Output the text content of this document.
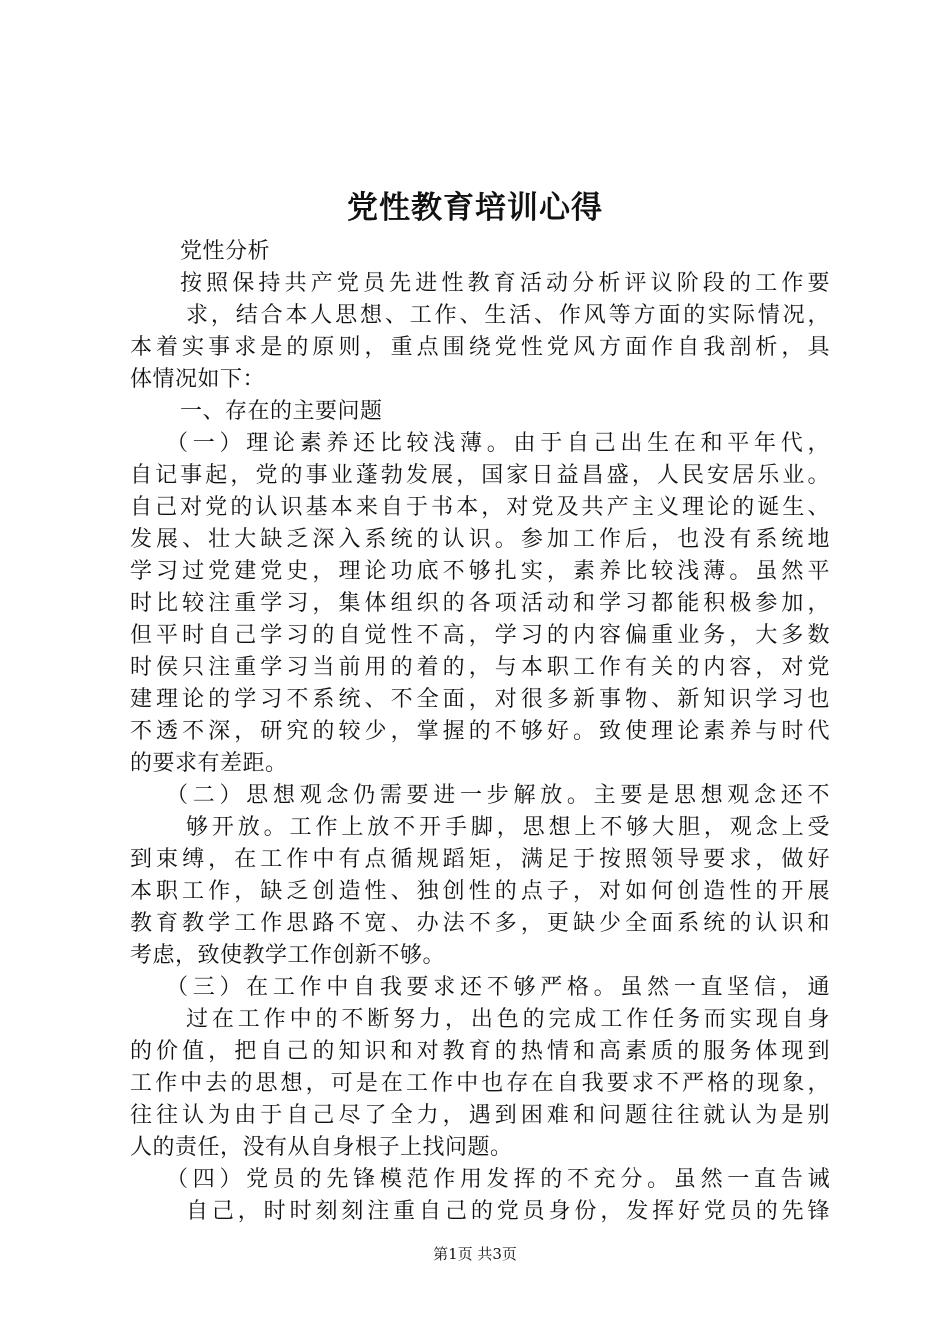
党性教育培训心得
党性分析
按照保持共产党员先进性教育活动分析评议阶段的工作要
求，结合本人思想、工作、生活、作风等方面的实际情况，
本着实事求是的原则，重点围绕党性党风方面作自我剖析，具
体情况如下：
一、存在的主要问题
（一）理论素养还比较浅薄。由于自己出生在和平年代，
自记事起，党的事业蓬勃发展，国家日益昌盛，人民安居乐业。
自己对党的认识基本来自于书本，对党及共产主义理论的诞生、
发展、壮大缺乏深入系统的认识。参加工作后，也没有系统地
学习过党建党史，理论功底不够扎实，素养比较浅薄。虽然平
时比较注重学习，集体组织的各项活动和学习都能积极参加，
但平时自己学习的自觉性不高，学习的内容偏重业务，大多数
时侯只注重学习当前用的着的，与本职工作有关的内容，对党
建理论的学习不系统、不全面，对很多新事物、新知识学习也
不透不深，研究的较少，掌握的不够好。致使理论素养与时代
的要求有差距。
（二）思想观念仍需要进一步解放。主要是思想观念还不
够开放。工作上放不开手脚，思想上不够大胆，观念上受
到束缚，在工作中有点循规蹈矩，满足于按照领导要求，做好
本职工作，缺乏创造性、独创性的点子，对如何创造性的开展
教育教学工作思路不宽、办法不多，更缺少全面系统的认识和
考虑，致使教学工作创新不够。
（三）在工作中自我要求还不够严格。虽然一直坚信，通
过在工作中的不断努力，出色的完成工作任务而实现自身
的价值，把自己的知识和对教育的热情和高素质的服务体现到
工作中去的思想，可是在工作中也存在自我要求不严格的现象，
往往认为由于自己尽了全力，遇到困难和问题往往就认为是别
人的责任，没有从自身根子上找问题。
（四）党员的先锋模范作用发挥的不充分。虽然一直告诫
自己，时时刻刻注重自己的党员身份，发挥好党员的先锋
第1页 共3页
